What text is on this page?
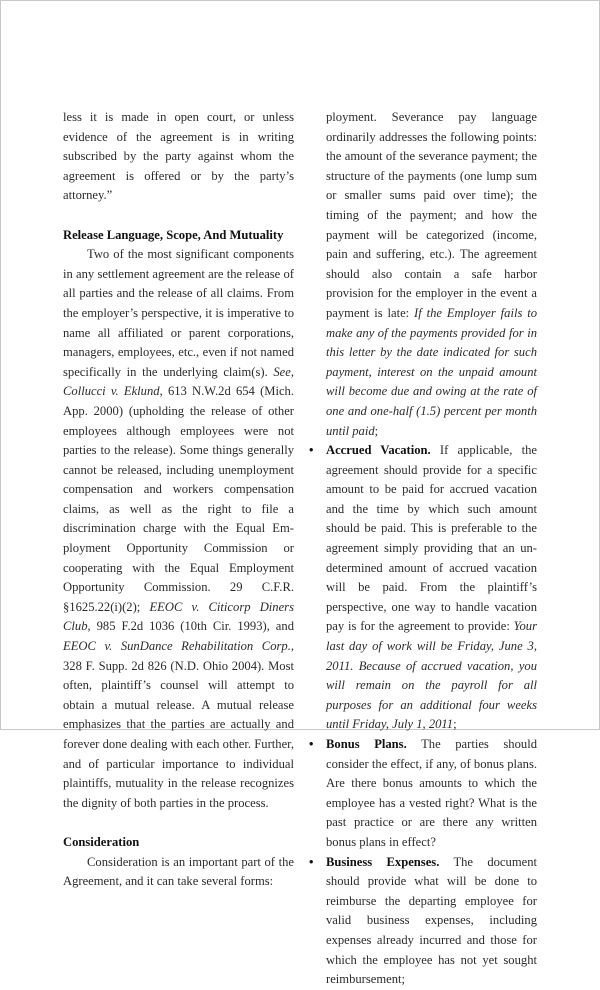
less it is made in open court, or unless evidence of the agreement is in writing subscribed by the party against whom the agreement is offered or by the party’s attorney.”

Release Language, Scope, And Mutuality

Two of the most significant components in any settlement agreement are the release of all parties and the release of all claims. From the employer’s perspective, it is imperative to name all affiliated or parent corporations, managers, employees, etc., even if not named specifically in the underlying claim(s). See, Collucci v. Eklund, 613 N.W.2d 654 (Mich. App. 2000) (upholding the release of other employees although employees were not parties to the release). Some things generally cannot be released, including unemployment compensation and workers compensation claims, as well as the right to file a discrimination charge with the Equal Employment Opportunity Commission or cooperating with the Equal Employment Opportunity Commission. 29 C.F.R. §1625.22(i)(2); EEOC v. Citicorp Diners Club, 985 F.2d 1036 (10th Cir. 1993), and EEOC v. SunDance Rehabilitation Corp., 328 F. Supp. 2d 826 (N.D. Ohio 2004). Most often, plaintiff’s counsel will attempt to obtain a mutual release. A mutual release emphasizes that the parties are actually and forever done dealing with each other. Further, and of particular importance to individual plaintiffs, mutuality in the release recognizes the dignity of both parties in the process.

Consideration

Consideration is an important part of the Agreement, and it can take several forms:

ployment. Severance pay language ordinarily addresses the following points: the amount of the severance payment; the structure of the payments (one lump sum or smaller sums paid over time); the timing of the payment; and how the payment will be categorized (income, pain and suffering, etc.). The agreement should also contain a safe harbor provision for the employer in the event a payment is late: If the Employer fails to make any of the payments provided for in this letter by the date indicated for such payment, interest on the unpaid amount will become due and owing at the rate of one and one-half (1.5) percent per month until paid;

• Accrued Vacation. If applicable, the agreement should provide for a specific amount to be paid for accrued vacation and the time by which such amount should be paid. This is preferable to the agreement simply providing that an undetermined amount of accrued vacation will be paid. From the plaintiff’s perspective, one way to handle vacation pay is for the agreement to provide: Your last day of work will be Friday, June 3, 2011. Because of accrued vacation, you will remain on the payroll for all purposes for an additional four weeks until Friday, July 1, 2011;
• Bonus Plans. The parties should consider the effect, if any, of bonus plans. Are there bonus amounts to which the employee has a vested right? What is the past practice or are there any written bonus plans in effect?
• Business Expenses. The document should provide what will be done to reimburse the departing employee for valid business expenses, including expenses already incurred and those for which the employee has not yet sought reimbursement;
